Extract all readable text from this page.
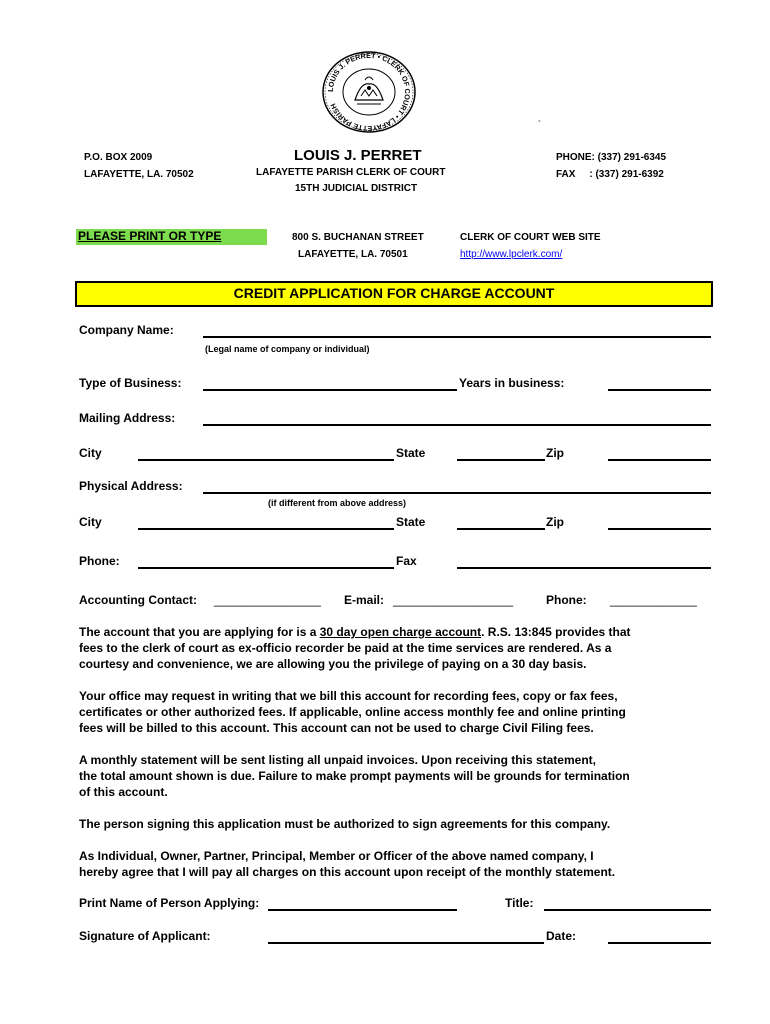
LOUIS J. PERRET • CLERK OF COURT • LAFAYETTE PARISH
-
P.O. BOX 2009
LAFAYETTE, LA. 70502
LOUIS J. PERRET
LAFAYETTE PARISH CLERK OF COURT
15TH JUDICIAL DISTRICT
PHONE: (337) 291-6345
FAX     : (337) 291-6392
PLEASE PRINT OR TYPE	800 S. BUCHANAN STREET
LAFAYETTE, LA. 70501
CLERK OF COURT WEB SITE
http://www.lpclerk.com/
CREDIT APPLICATION FOR CHARGE ACCOUNT
Company Name:
(Legal name of company or individual)
Type of Business:	Years in business:
Mailing Address:
City	State	Zip
Physical Address:
(if different from above address)
City	State	Zip
Phone:	Fax
Accounting Contact: ________________ E-mail: __________________	Phone: _____________

The account that you are applying for is a 30 day open charge account. R.S. 13:845 provides that

fees to the clerk of court as ex-officio recorder be paid at the time services are rendered. As a

courtesy and convenience, we are allowing you the privilege of paying on a 30 day basis.

Your office may request in writing that we bill this account for recording fees, copy or fax fees,

certificates or other authorized fees. If applicable, online access monthly fee and online printing

fees will be billed to this account. This account can not be used to charge Civil Filing fees.

A monthly statement will be sent listing all unpaid invoices. Upon receiving this statement,

the total amount shown is due. Failure to make prompt payments will be grounds for termination

of this account.

The person signing this application must be authorized to sign agreements for this company.

As Individual, Owner, Partner, Principal, Member or Officer of the above named company, I

hereby agree that I will pay all charges on this account upon receipt of the monthly statement.

Print Name of Person Applying:	Title:
Signature of Applicant:	Date:
